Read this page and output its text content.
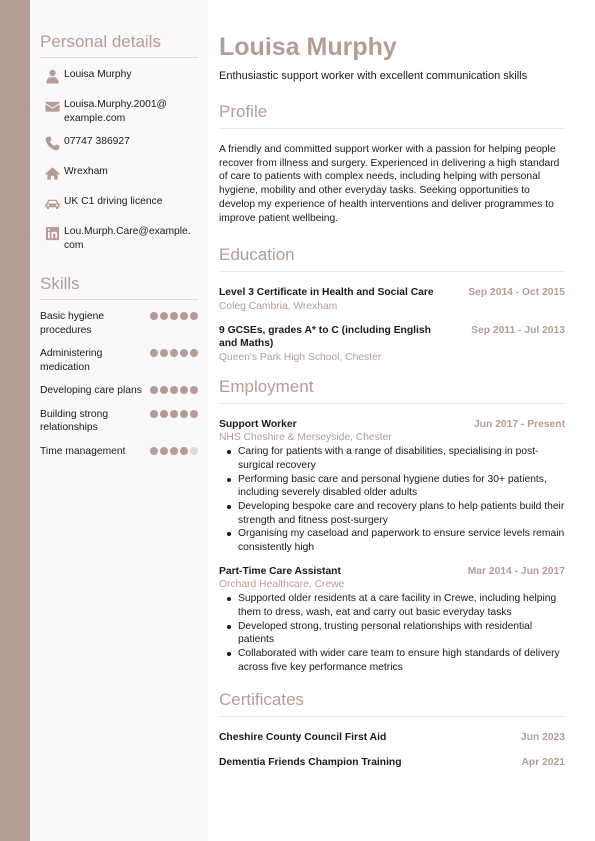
Personal details
Louisa Murphy
Louisa.Murphy.2001@
example.com
07747 386927
Wrexham
UK C1 driving licence
Lou.Murph.Care@example.
com
Skills
Basic hygiene procedures
Administering medication
Developing care plans
Building strong relationships
Time management
Louisa Murphy

Enthusiastic support worker with excellent communication skills

Profile

A friendly and committed support worker with a passion for helping people recover from illness and surgery. Experienced in delivering a high standard of care to patients with complex needs, including helping with personal hygiene, mobility and other everyday tasks. Seeking opportunities to develop my experience of health interventions and deliver programmes to improve patient wellbeing.

Education
Level 3 Certificate in Health and Social Care	Sep 2014 - Oct 2015
Coleg Cambria, Wrexham
9 GCSEs, grades A* to C (including English and Maths)
Sep 2011 - Jul 2013
Queen's Park High School, Chester
Employment
Support Worker	Jun 2017 - Present
NHS Cheshire & Merseyside, Chester
Caring for patients with a range of disabilities, specialising in post-surgical recovery
Performing basic care and personal hygiene duties for 30+ patients, including severely disabled older adults
Developing bespoke care and recovery plans to help patients build their strength and fitness post-surgery
Organising my caseload and paperwork to ensure service levels remain consistently high
Part-Time Care Assistant	Mar 2014 - Jun 2017
Orchard Healthcare, Crewe
Supported older residents at a care facility in Crewe, including helping them to dress, wash, eat and carry out basic everyday tasks
Developed strong, trusting personal relationships with residential patients
Collaborated with wider care team to ensure high standards of delivery across five key performance metrics
Certificates
Cheshire County Council First Aid	Jun 2023
Dementia Friends Champion Training	Apr 2021
